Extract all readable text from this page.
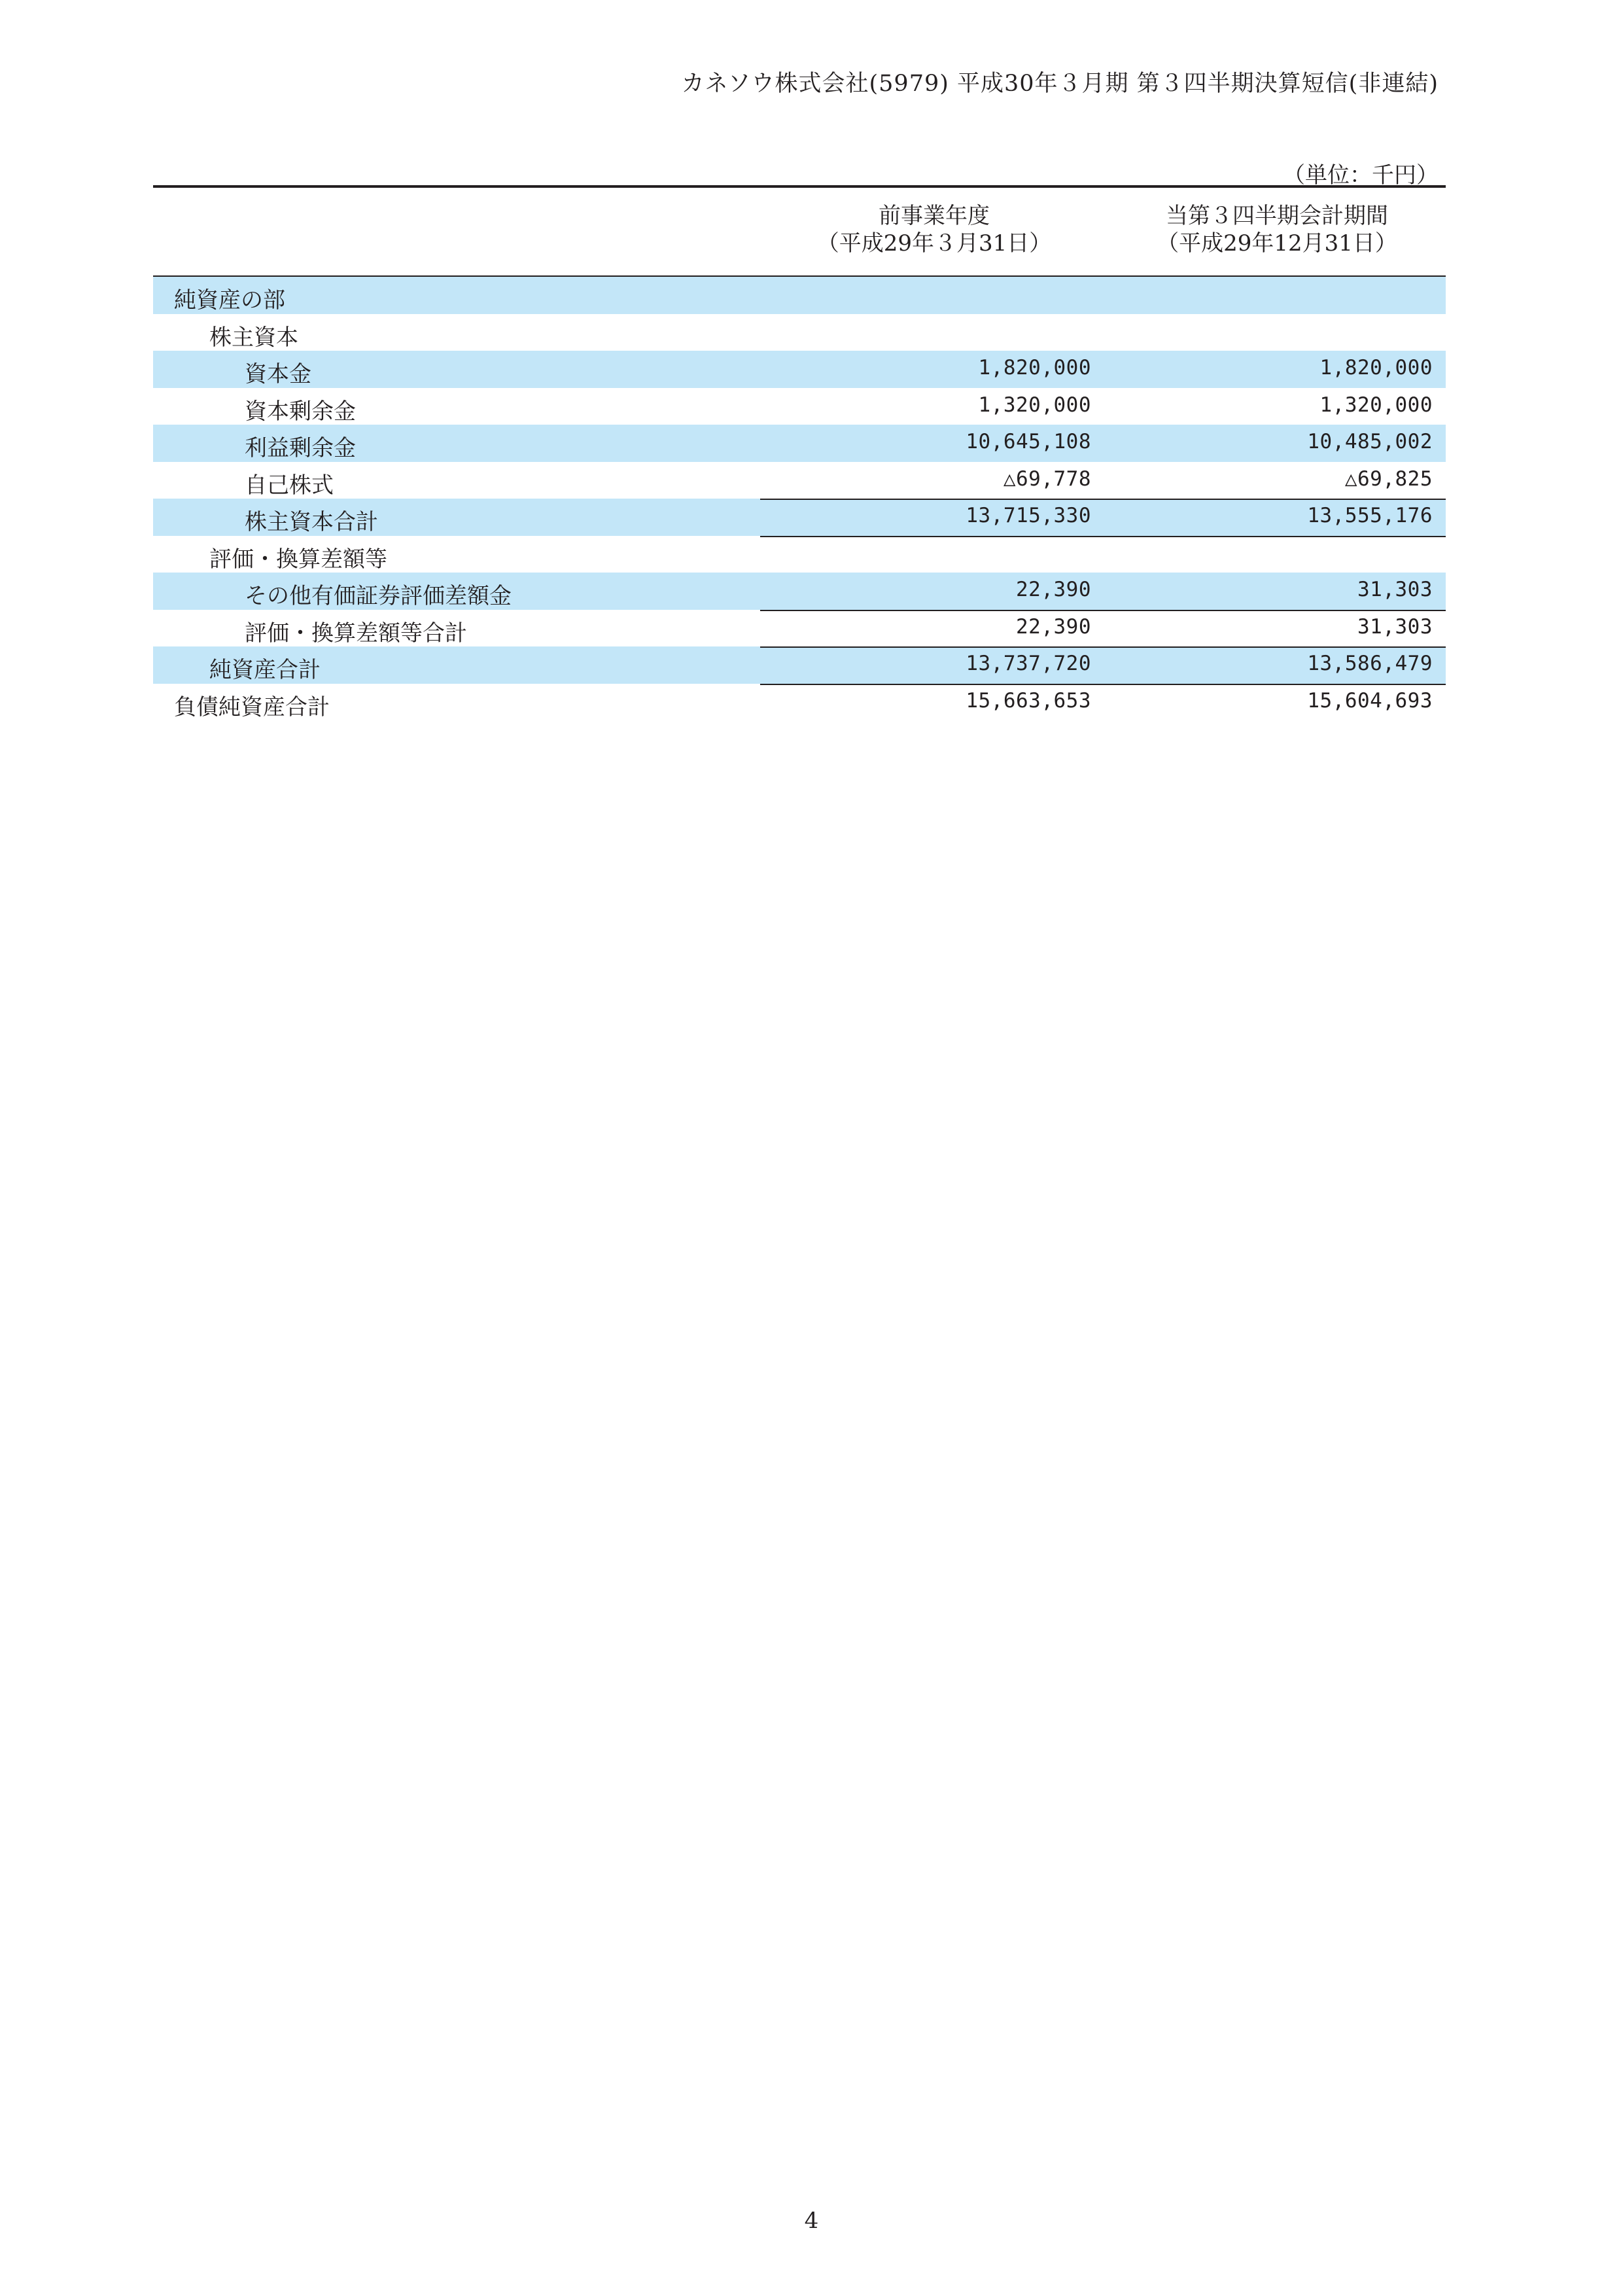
カネソウ株式会社(5979) 平成30年３月期 第３四半期決算短信(非連結)
（単位：千円）
前事業年度
（平成29年３月31日）
当第３四半期会計期間
（平成29年12月31日）
純資産の部
株主資本
資本金	1,820,000	1,820,000
資本剰余金	1,320,000	1,320,000
利益剰余金	10,645,108	10,485,002
自己株式	△69,778	△69,825
株主資本合計	13,715,330	13,555,176
評価・換算差額等
その他有価証券評価差額金	22,390	31,303
評価・換算差額等合計	22,390	31,303
純資産合計	13,737,720	13,586,479
負債純資産合計	15,663,653	15,604,693
4
